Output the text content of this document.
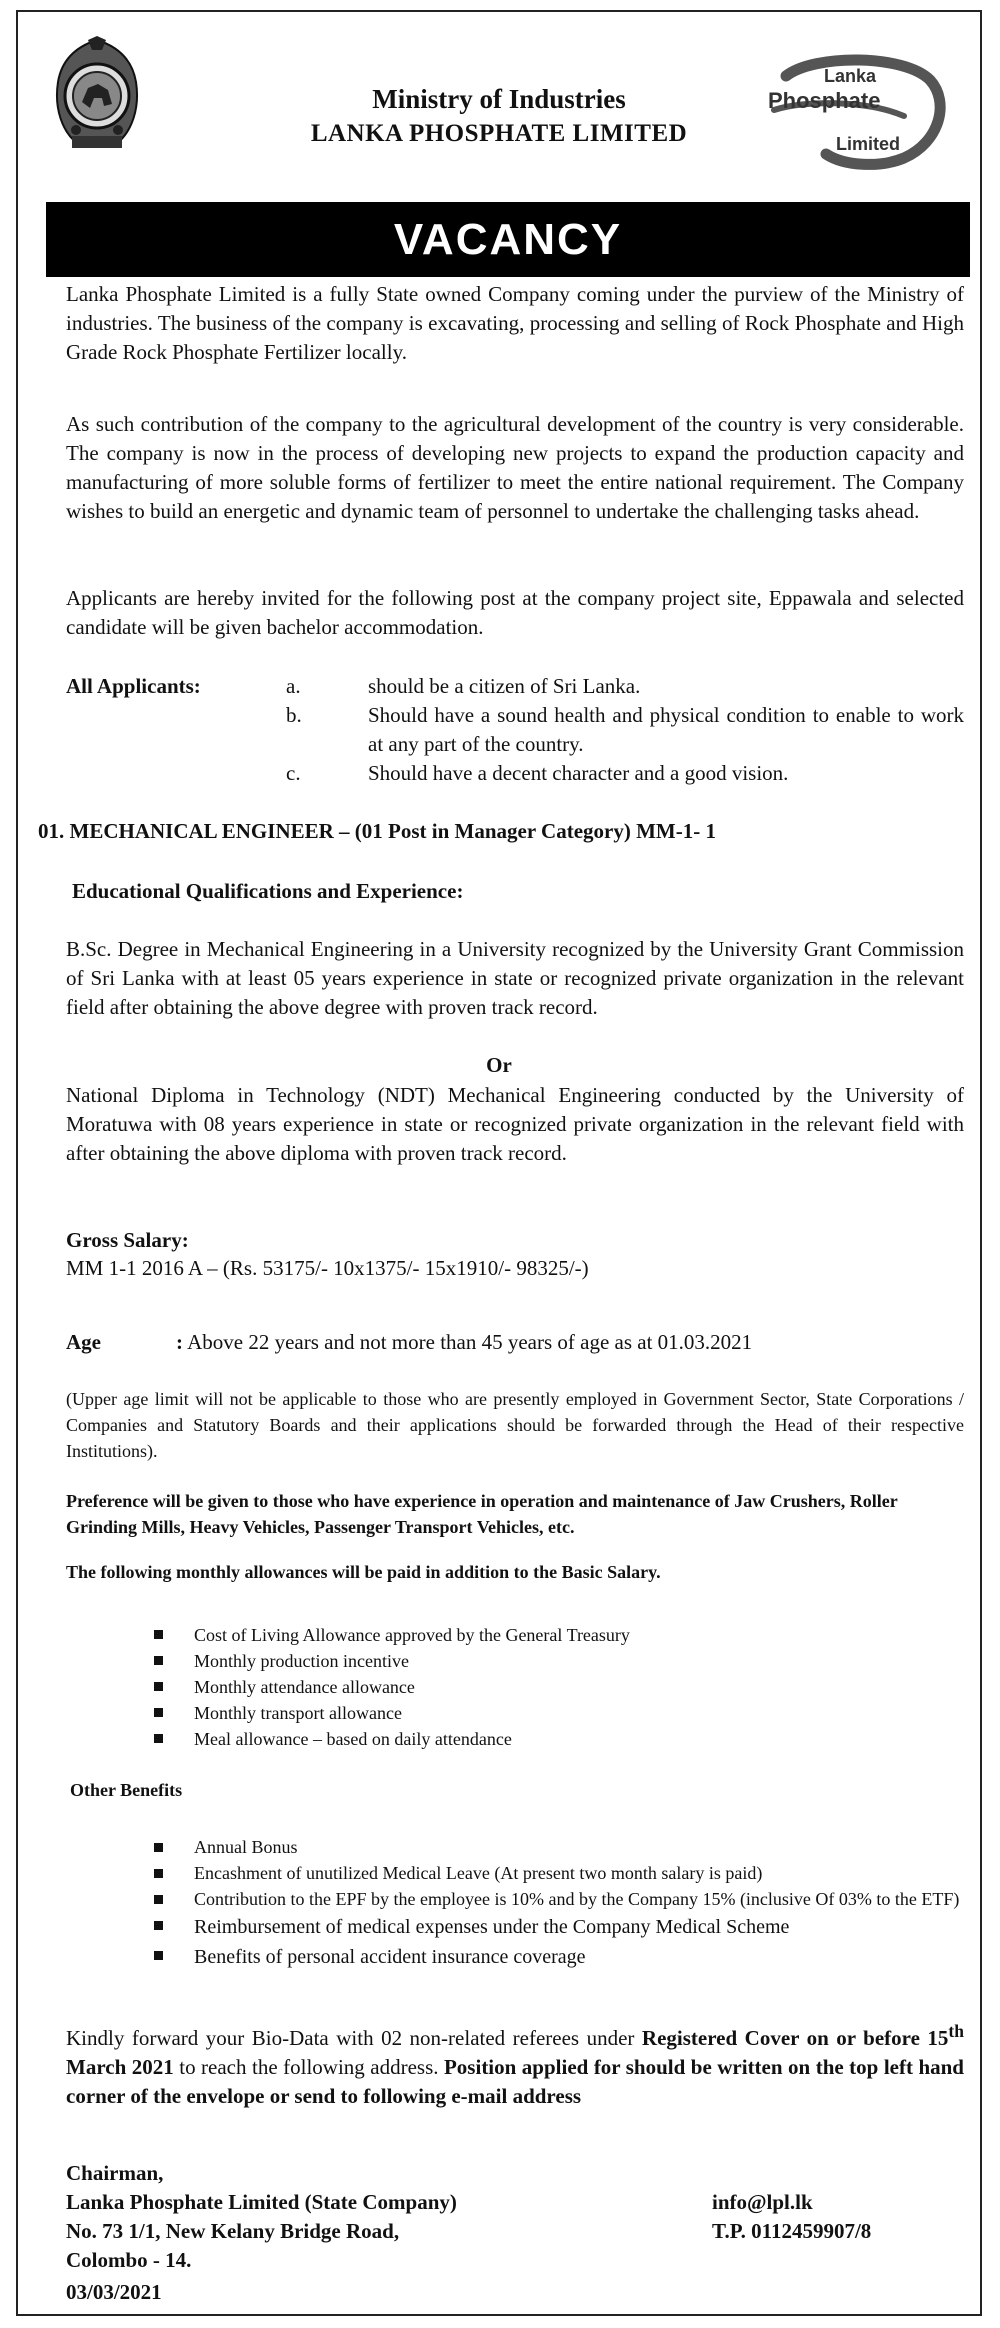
Ministry of Industries
LANKA PHOSPHATE LIMITED
Lanka
Phosphate
Limited
VACANCY
Lanka Phosphate Limited is a fully State owned Company coming under the purview of the Ministry of industries. The business of the company is excavating, processing and selling of Rock Phosphate and High Grade Rock Phosphate Fertilizer locally.
As such contribution of the company to the agricultural development of the country is very considerable. The company is now in the process of developing new projects to expand the production capacity and manufacturing of more soluble forms of fertilizer to meet the entire national requirement. The Company wishes to build an energetic and dynamic team of personnel to undertake the challenging tasks ahead.
Applicants are hereby invited for the following post at the company project site, Eppawala and selected candidate will be given bachelor accommodation.
All Applicants:	a.	should be a citizen of Sri Lanka.
b.	Should have a sound health and physical condition to enable to work at any part of the country.
c.	Should have a decent character and a good vision.
01. MECHANICAL ENGINEER – (01 Post in Manager Category) MM-1- 1
Educational Qualifications and Experience:
B.Sc. Degree in Mechanical Engineering in a University recognized by the University Grant Commission of Sri Lanka with at least 05 years experience in state or recognized private organization in the relevant field after obtaining the above degree with proven track record.
Or
National Diploma in Technology (NDT) Mechanical Engineering conducted by the University of Moratuwa with 08 years experience in state or recognized private organization in the relevant field with after obtaining the above diploma with proven track record.
Gross Salary:
MM 1-1 2016 A – (Rs. 53175/- 10x1375/- 15x1910/- 98325/-)
Age	: Above 22 years and not more than 45 years of age as at 01.03.2021
(Upper age limit will not be applicable to those who are presently employed in Government Sector, State Corporations / Companies and Statutory Boards and their applications should be forwarded through the Head of their respective Institutions).
Preference will be given to those who have experience in operation and maintenance of Jaw Crushers, Roller Grinding Mills, Heavy Vehicles, Passenger Transport Vehicles, etc.
The following monthly allowances will be paid in addition to the Basic Salary.
Cost of Living Allowance approved by the General Treasury
Monthly production incentive
Monthly attendance allowance
Monthly transport allowance
Meal allowance – based on daily attendance
Other Benefits
Annual Bonus
Encashment of unutilized Medical Leave (At present two month salary is paid)
Contribution to the EPF by the employee is 10% and by the Company 15% (inclusive Of 03% to the ETF)
Reimbursement of medical expenses under the Company Medical Scheme
Benefits of personal accident insurance coverage
Kindly forward your Bio-Data with 02 non-related referees under Registered Cover on or before 15th March 2021 to reach the following address. Position applied for should be written on the top left hand corner of the envelope or send to following e-mail address
Chairman,
Lanka Phosphate Limited (State Company)
No. 73 1/1, New Kelany Bridge Road,
Colombo - 14.
info@lpl.lk
T.P. 0112459907/8
03/03/2021
